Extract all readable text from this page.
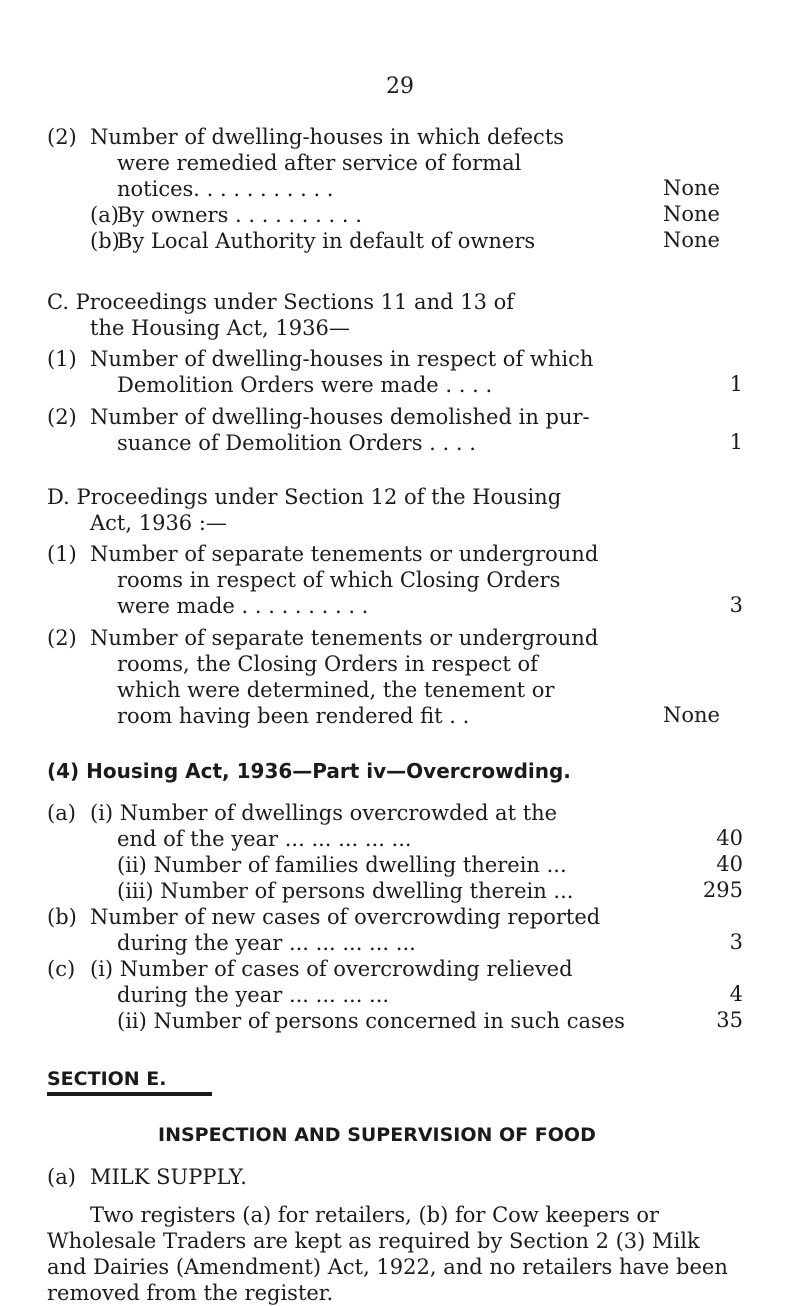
29
(2) Number of dwelling-houses in which defects
were remedied after service of formal
notices. . . . . . . . . . .	None
(a)
By owners . . . . . . . . . .	None
(b)
By Local Authority in default of owners	None
C. Proceedings under Sections 11 and 13 of
the Housing Act, 1936—
(1) Number of dwelling-houses in respect of which
Demolition Orders were made . . . .	1
(2) Number of dwelling-houses demolished in pur-
suance of Demolition Orders . . . .	1
D. Proceedings under Section 12 of the Housing
Act, 1936 :—
(1) Number of separate tenements or underground
rooms in respect of which Closing Orders
were made . . . . . . . . . .	3
(2) Number of separate tenements or underground
rooms, the Closing Orders in respect of
which were determined, the tenement or
room having been rendered fit . .	None
(4) Housing Act, 1936—Part iv—Overcrowding.
(a) (i) Number of dwellings overcrowded at the
end of the year ... ... ... ... ...	40
(ii) Number of families dwelling therein ...	40
(iii) Number of persons dwelling therein ...	295
(b) Number of new cases of overcrowding reported
during the year ... ... ... ... ...	3
(c) (i) Number of cases of overcrowding relieved
during the year ... ... ... ...	4
(ii) Number of persons concerned in such cases	35
SECTION E.
INSPECTION AND SUPERVISION OF FOOD
(a) MILK SUPPLY.
Two registers (a) for retailers, (b) for Cow keepers or
Wholesale Traders are kept as required by Section 2 (3) Milk
and Dairies (Amendment) Act, 1922, and no retailers have been
removed from the register.
